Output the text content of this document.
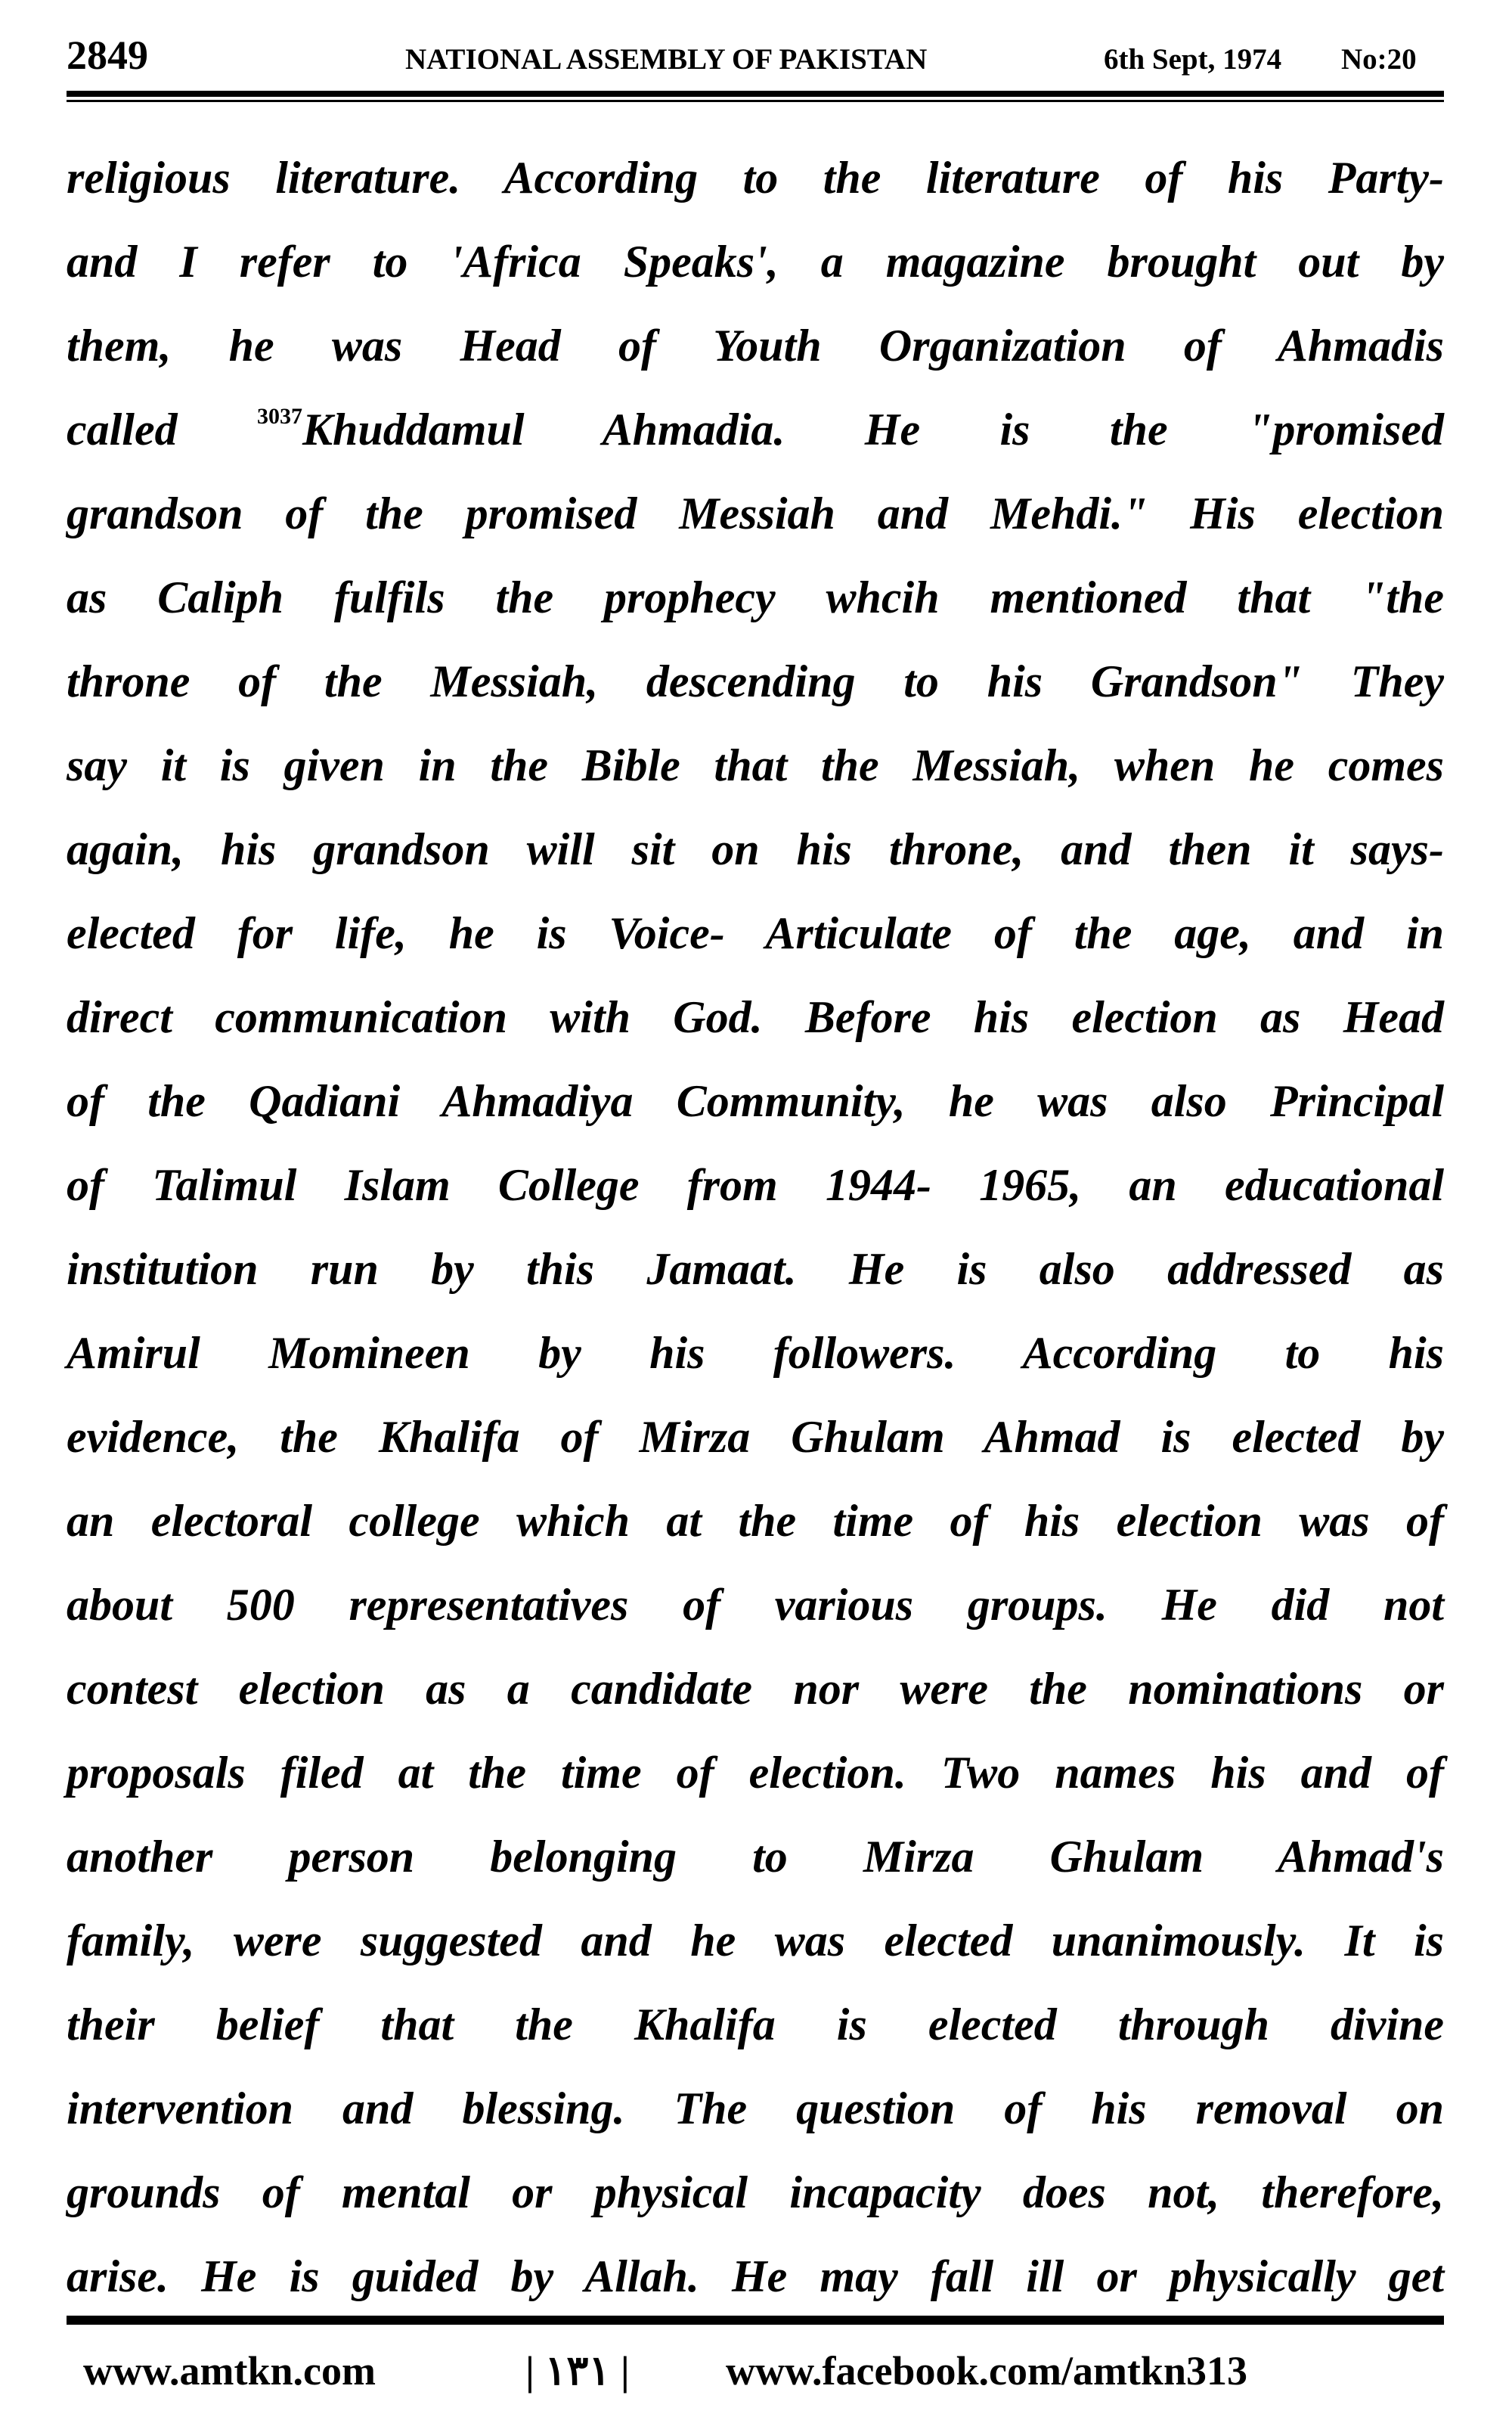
2849	NATIONAL ASSEMBLY OF PAKISTAN	6th Sept, 1974 No:20
religious literature. According to the literature of his Party-
and I refer to 'Africa Speaks', a magazine brought out by
them, he was Head of Youth Organization of Ahmadis
called	$^{3037}$Khuddamul Ahmadia. He is the "promised
grandson of the promised Messiah and Mehdi." His election
as Caliph fulfils the prophecy whcih mentioned that "the
throne of the Messiah, descending to his Grandson" They
say it is given in the Bible that the Messiah, when he comes
again, his grandson will sit on his throne, and then it says-
elected for life, he is Voice- Articulate of the age, and in
direct communication with God. Before his election as Head
of the Qadiani Ahmadiya Community, he was also Principal
of Talimul Islam College from 1944- 1965, an educational
institution run by this Jamaat. He is also addressed as
Amirul Momineen by his followers. According to his
evidence, the Khalifa of Mirza Ghulam Ahmad is elected by
an electoral college which at the time of his election was of
about 500 representatives of various groups. He did not
contest election as a candidate nor were the nominations or
proposals filed at the time of election. Two names his and of
another person belonging to Mirza Ghulam Ahmad's
family, were suggested and he was elected unanimously. It is
their belief that the Khalifa is elected through divine
intervention and blessing. The question of his removal on
grounds of mental or physical incapacity does not, therefore,
arise. He is guided by Allah. He may fall ill or physically get
www.amtkn.com	| ۱۳۱ | www.facebook.com/amtkn313
